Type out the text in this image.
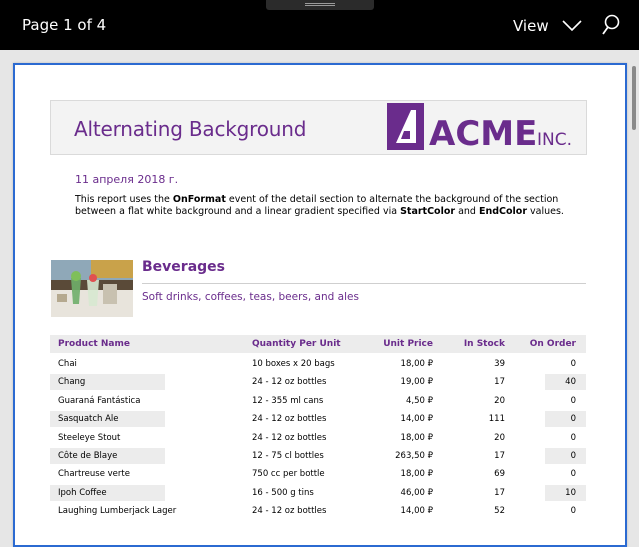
Page 1 of 4	View
Alternating Background	ACME INC.
11 апреля 2018 г.
This report uses the OnFormat event of the detail section to alternate the background of the section between a flat white background and a linear gradient specified via StartColor and EndColor values.
Beverages
Soft drinks, coffees, teas, beers, and ales
Product Name	Quantity Per Unit	Unit Price	In Stock	On Order
Chai	10 boxes x 20 bags	18,00 ₽	39	0
Chang	24 - 12 oz bottles	19,00 ₽	17	40
Guaraná Fantástica	12 - 355 ml cans	4,50 ₽	20	0
Sasquatch Ale	24 - 12 oz bottles	14,00 ₽	111	0
Steeleye Stout	24 - 12 oz bottles	18,00 ₽	20	0
Côte de Blaye	12 - 75 cl bottles	263,50 ₽	17	0
Chartreuse verte	750 cc per bottle	18,00 ₽	69	0
Ipoh Coffee	16 - 500 g tins	46,00 ₽	17	10
Laughing Lumberjack Lager	24 - 12 oz bottles	14,00 ₽	52	0
